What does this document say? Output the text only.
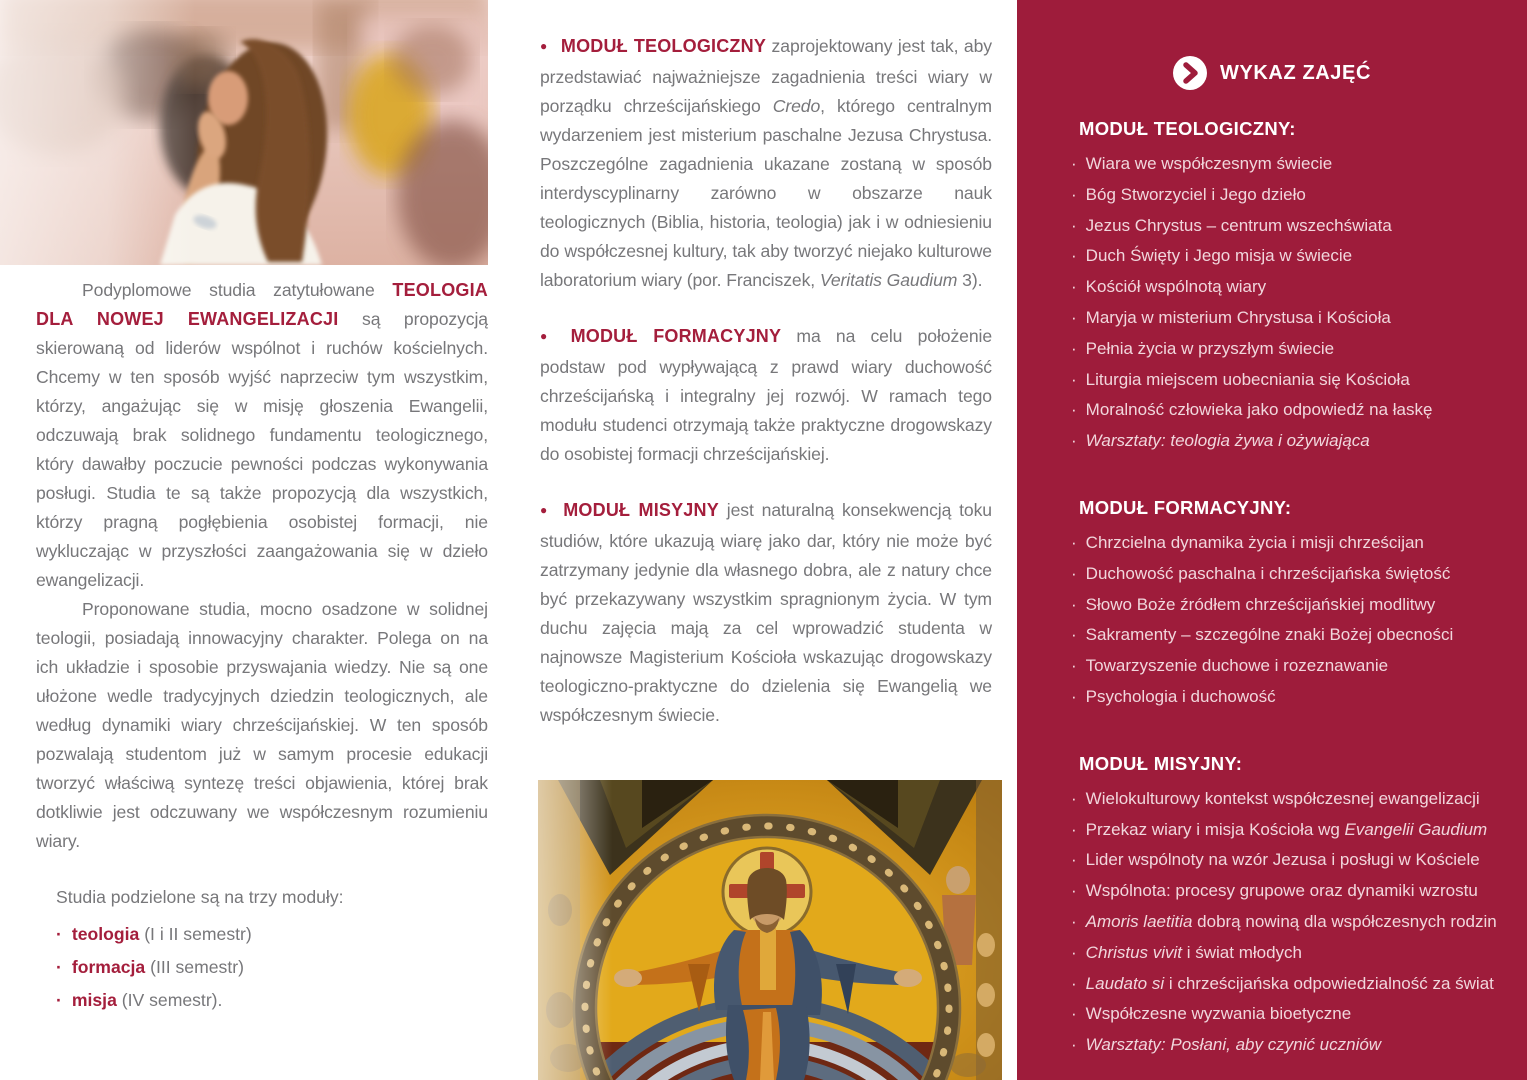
Podyplomowe studia zatytułowane TEOLOGIA DLA NOWEJ EWANGELIZACJI są propozycją skierowaną od liderów wspólnot i ruchów kościelnych. Chcemy w ten sposób wyjść naprzeciw tym wszystkim, którzy, angażując się w misję głoszenia Ewangelii, odczuwają brak solidnego fundamentu teologicznego, który dawałby poczucie pewności podczas wykonywania posługi. Studia te są także propozycją dla wszystkich, którzy pragną pogłębienia osobistej formacji, nie wykluczając w przyszłości zaangażowania się w dzieło ewangelizacji.

Proponowane studia, mocno osadzone w solidnej teologii, posiadają innowacyjny charakter. Polega on na ich układzie i sposobie przyswajania wiedzy. Nie są one ułożone wedle tradycyjnych dziedzin teologicznych, ale według dynamiki wiary chrześcijańskiej. W ten sposób pozwalają studentom już w samym procesie edukacji tworzyć właściwą syntezę treści objawienia, której brak dotkliwie jest odczuwany we współczesnym rozumieniu wiary.

Studia podzielone są na trzy moduły:

· teologia (I i II semestr)
· formacja (III semestr)
· misja (IV semestr).

● MODUŁ TEOLOGICZNY zaprojektowany jest tak, aby przedstawiać najważniejsze zagadnienia treści wiary w porządku chrześcijańskiego Credo, którego centralnym wydarzeniem jest misterium paschalne Jezusa Chrystusa. Poszczególne zagadnienia ukazane zostaną w sposób interdyscyplinarny zarówno w obszarze nauk teologicznych (Biblia, historia, teologia) jak i w odniesieniu do współczesnej kultury, tak aby tworzyć niejako kulturowe laboratorium wiary (por. Franciszek, Veritatis Gaudium 3).

● MODUŁ FORMACYJNY ma na celu położenie podstaw pod wypływającą z prawd wiary duchowość chrześcijańską i integralny jej rozwój. W ramach tego modułu studenci otrzymają także praktyczne drogowskazy do osobistej formacji chrześcijańskiej.

● MODUŁ MISYJNY jest naturalną konsekwencją toku studiów, które ukazują wiarę jako dar, który nie może być zatrzymany jedynie dla własnego dobra, ale z natury chce być przekazywany wszystkim spragnionym życia. W tym duchu zajęcia mają za cel wprowadzić studenta w najnowsze Magisterium Kościoła wskazując drogowskazy teologiczno-praktyczne do dzielenia się Ewangelią we współczesnym świecie.

WYKAZ ZAJĘĆ
MODUŁ TEOLOGICZNY:
· Wiara we współczesnym świecie
· Bóg Stworzyciel i Jego dzieło
· Jezus Chrystus – centrum wszechświata
· Duch Święty i Jego misja w świecie
· Kościół wspólnotą wiary
· Maryja w misterium Chrystusa i Kościoła
· Pełnia życia w przyszłym świecie
· Liturgia miejscem uobecniania się Kościoła
· Moralność człowieka jako odpowiedź na łaskę
· Warsztaty: teologia żywa i ożywiająca
MODUŁ FORMACYJNY:
· Chrzcielna dynamika życia i misji chrześcijan
· Duchowość paschalna i chrześcijańska świętość
· Słowo Boże źródłem chrześcijańskiej modlitwy
· Sakramenty – szczególne znaki Bożej obecności
· Towarzyszenie duchowe i rozeznawanie
· Psychologia i duchowość
MODUŁ MISYJNY:
· Wielokulturowy kontekst współczesnej ewangelizacji
· Przekaz wiary i misja Kościoła wg Evangelii Gaudium
· Lider wspólnoty na wzór Jezusa i posługi w Kościele
· Wspólnota: procesy grupowe oraz dynamiki wzrostu
· Amoris laetitia dobrą nowiną dla współczesnych rodzin
· Christus vivit i świat młodych
· Laudato si i chrześcijańska odpowiedzialność za świat
· Współczesne wyzwania bioetyczne
· Warsztaty: Posłani, aby czynić uczniów
